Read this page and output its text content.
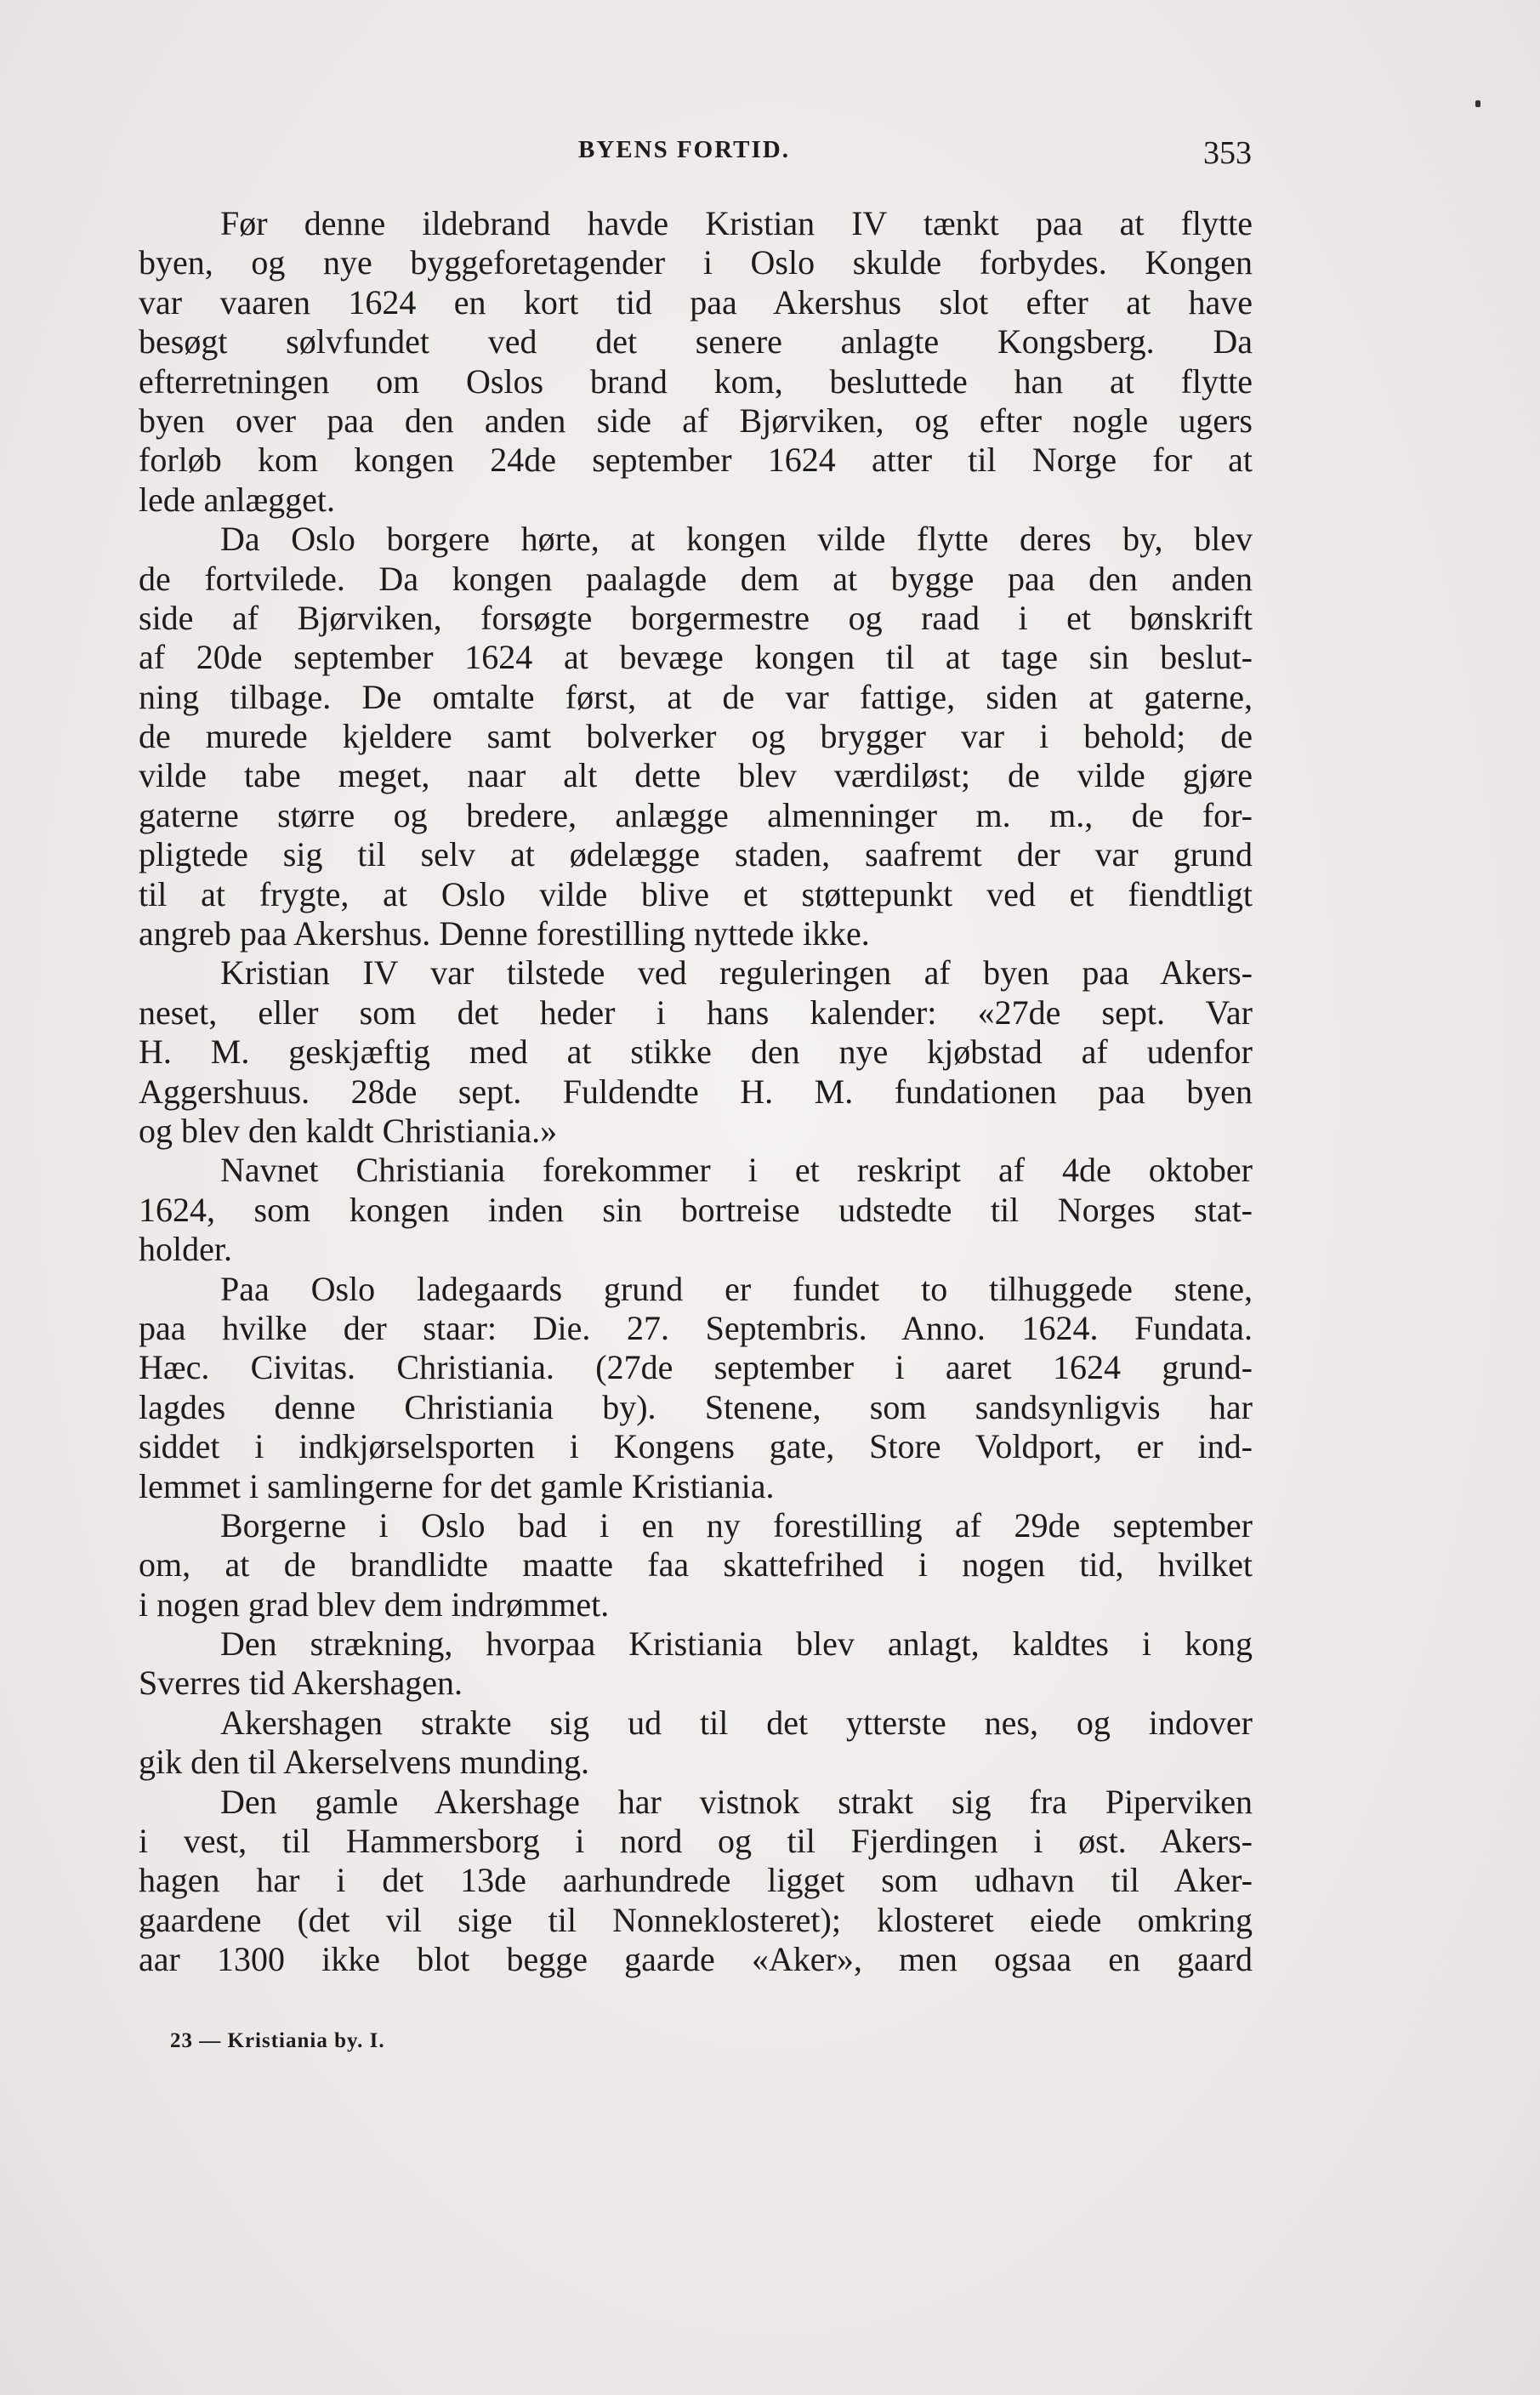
BYENS FORTID.	353
Før denne ildebrand havde Kristian IV tænkt paa at flytte
byen, og nye byggeforetagender i Oslo skulde forbydes. Kongen
var vaaren 1624 en kort tid paa Akershus slot efter at have
besøgt sølvfundet ved det senere anlagte Kongsberg. Da
efterretningen om Oslos brand kom, besluttede han at flytte
byen over paa den anden side af Bjørviken, og efter nogle ugers
forløb kom kongen 24de september 1624 atter til Norge for at
lede anlægget.
Da Oslo borgere hørte, at kongen vilde flytte deres by, blev
de fortvilede. Da kongen paalagde dem at bygge paa den anden
side af Bjørviken, forsøgte borgermestre og raad i et bønskrift
af 20de september 1624 at bevæge kongen til at tage sin beslut-
ning tilbage. De omtalte først, at de var fattige, siden at gaterne,
de murede kjeldere samt bolverker og brygger var i behold; de
vilde tabe meget, naar alt dette blev værdiløst; de vilde gjøre
gaterne større og bredere, anlægge almenninger m. m., de for-
pligtede sig til selv at ødelægge staden, saafremt der var grund
til at frygte, at Oslo vilde blive et støttepunkt ved et fiendtligt
angreb paa Akershus. Denne forestilling nyttede ikke.
Kristian IV var tilstede ved reguleringen af byen paa Akers-
neset, eller som det heder i hans kalender: «27de sept. Var
H. M. geskjæftig med at stikke den nye kjøbstad af udenfor
Aggershuus. 28de sept. Fuldendte H. M. fundationen paa byen
og blev den kaldt Christiania.»
Navnet Christiania forekommer i et reskript af 4de oktober
1624, som kongen inden sin bortreise udstedte til Norges stat-
holder.
Paa Oslo ladegaards grund er fundet to tilhuggede stene,
paa hvilke der staar: Die. 27. Septembris. Anno. 1624. Fundata.
Hæc. Civitas. Christiania. (27de september i aaret 1624 grund-
lagdes denne Christiania by). Stenene, som sandsynligvis har
siddet i indkjørselsporten i Kongens gate, Store Voldport, er ind-
lemmet i samlingerne for det gamle Kristiania.
Borgerne i Oslo bad i en ny forestilling af 29de september
om, at de brandlidte maatte faa skattefrihed i nogen tid, hvilket
i nogen grad blev dem indrømmet.
Den strækning, hvorpaa Kristiania blev anlagt, kaldtes i kong
Sverres tid Akershagen.
Akershagen strakte sig ud til det ytterste nes, og indover
gik den til Akerselvens munding.
Den gamle Akershage har vistnok strakt sig fra Piperviken
i vest, til Hammersborg i nord og til Fjerdingen i øst. Akers-
hagen har i det 13de aarhundrede ligget som udhavn til Aker-
gaardene (det vil sige til Nonneklosteret); klosteret eiede omkring
aar 1300 ikke blot begge gaarde «Aker», men ogsaa en gaard
23 — Kristiania by. I.
